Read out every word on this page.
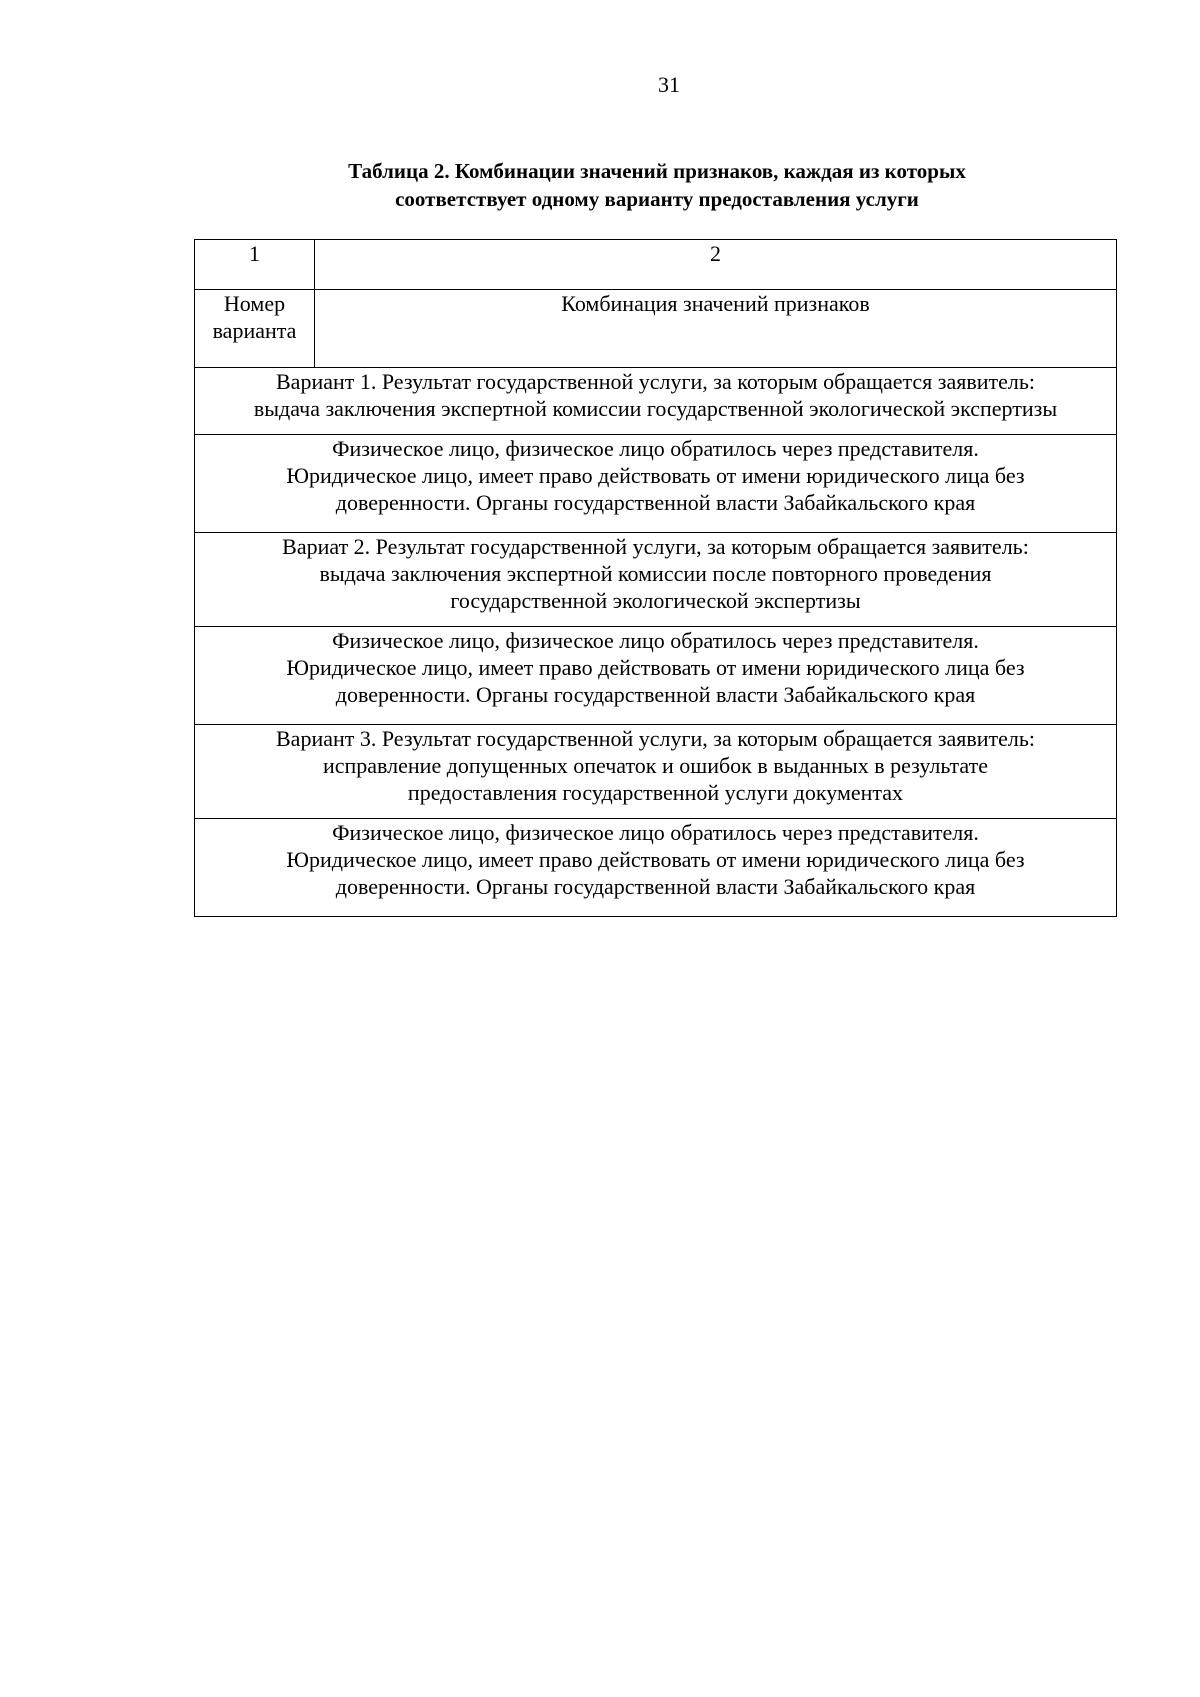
31
Таблица 2. Комбинации значений признаков, каждая из которых
соответствует одному варианту предоставления услуги
1	2

Номер
варианта	Комбинация значений признаков

Вариант 1. Результат государственной услуги, за которым обращается заявитель:
выдача заключения экспертной комиссии государственной экологической экспертизы	

Физическое лицо, физическое лицо обратилось через представителя.
Юридическое лицо, имеет право действовать от имени юридического лица без
доверенности. Органы государственной власти Забайкальского края	

Вариат 2. Результат государственной услуги, за которым обращается заявитель:
выдача заключения экспертной комиссии после повторного проведения
государственной экологической экспертизы	

Физическое лицо, физическое лицо обратилось через представителя.
Юридическое лицо, имеет право действовать от имени юридического лица без
доверенности. Органы государственной власти Забайкальского края	

Вариант 3. Результат государственной услуги, за которым обращается заявитель:
исправление допущенных опечаток и ошибок в выданных в результате
предоставления государственной услуги документах	

Физическое лицо, физическое лицо обратилось через представителя.
Юридическое лицо, имеет право действовать от имени юридического лица без
доверенности. Органы государственной власти Забайкальского края	
